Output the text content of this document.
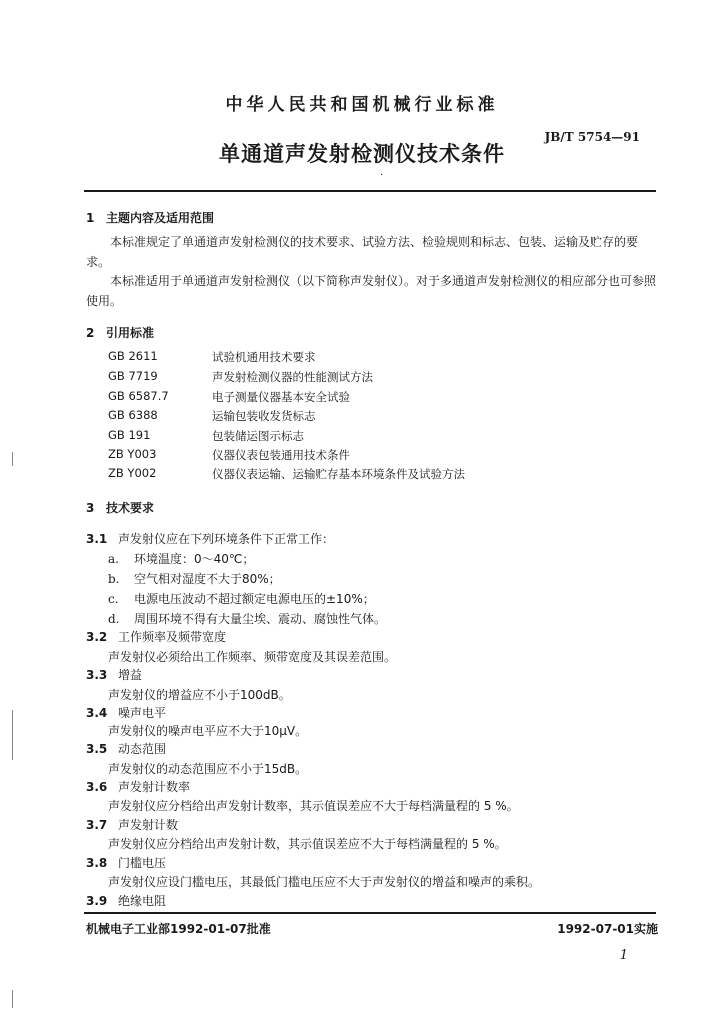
中华人民共和国机械行业标准
JB/T 5754—91
单通道声发射检测仪技术条件
·
1 主题内容及适用范围
本标准规定了单通道声发射检测仪的技术要求、试验方法、检验规则和标志、包装、运输及贮存的要求。
本标准适用于单通道声发射检测仪（以下简称声发射仪）。对于多通道声发射检测仪的相应部分也可参照使用。
2 引用标准
GB 2611	试验机通用技术要求
GB 7719	声发射检测仪器的性能测试方法
GB 6587.7	电子测量仪器基本安全试验
GB 6388	运输包装收发货标志
GB 191	包装储运图示标志
ZB Y003	仪器仪表包装通用技术条件
ZB Y002	仪器仪表运输、运输贮存基本环境条件及试验方法
3 技术要求
3.1 声发射仪应在下列环境条件下正常工作：
a. 环境温度：0～40℃；
b. 空气相对湿度不大于80%；
c. 电源电压波动不超过额定电源电压的±10%；
d. 周围环境不得有大量尘埃、震动、腐蚀性气体。
3.2 工作频率及频带宽度
声发射仪必须给出工作频率、频带宽度及其误差范围。
3.3 增益
声发射仪的增益应不小于100dB。
3.4 噪声电平
声发射仪的噪声电平应不大于10μV。
3.5 动态范围
声发射仪的动态范围应不小于15dB。
3.6 声发射计数率
声发射仪应分档给出声发射计数率，其示值误差应不大于每档满量程的 5 %。
3.7 声发射计数
声发射仪应分档给出声发射计数，其示值误差应不大于每档满量程的 5 %。
3.8 门槛电压
声发射仪应设门槛电压，其最低门槛电压应不大于声发射仪的增益和噪声的乘积。
3.9 绝缘电阻
机械电子工业部1992-01-07批准	1992-07-01实施
1
